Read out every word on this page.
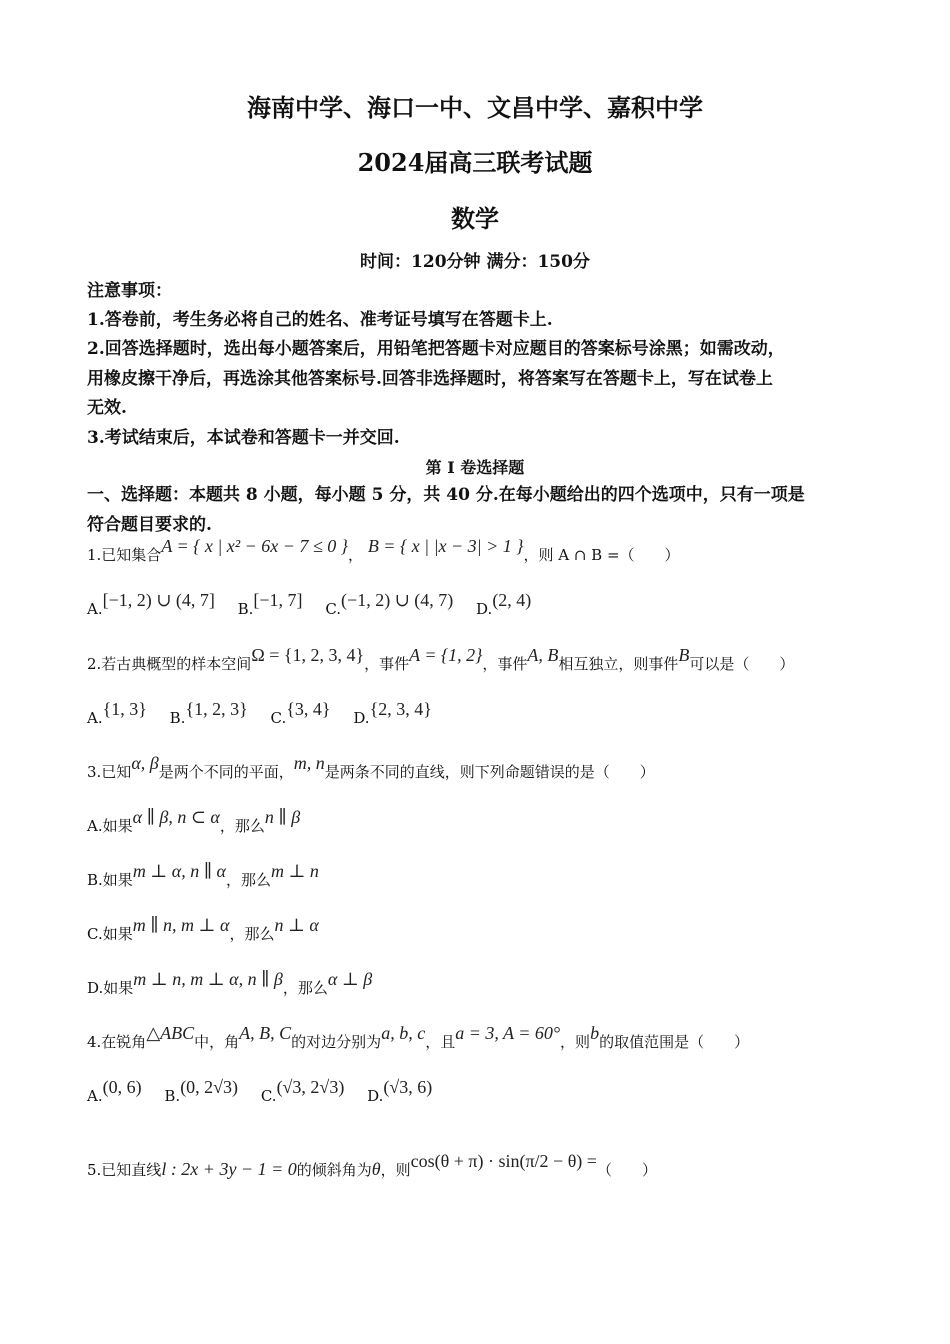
海南中学、海口一中、文昌中学、嘉积中学
2024届高三联考试题
数学
时间：120分钟 满分：150分
注意事项：
1.答卷前，考生务必将自己的姓名、准考证号填写在答题卡上.
2.回答选择题时，选出每小题答案后，用铅笔把答题卡对应题目的答案标号涂黑；如需改动，
用橡皮擦干净后，再选涂其他答案标号.回答非选择题时，将答案写在答题卡上，写在试卷上
无效.
3.考试结束后，本试卷和答题卡一并交回.
第 I 卷选择题
一、选择题：本题共 8 小题，每小题 5 分，共 40 分.在每小题给出的四个选项中，只有一项是
符合题目要求的.
1.已知集合A = { x | x² − 6x − 7 ≤ 0 }， B = { x | |x − 3| > 1 }，则 A ∩ B =（　　）
A.[−1, 2) ∪ (4, 7] B.[−1, 7] C.(−1, 2) ∪ (4, 7) D.(2, 4)
2.若古典概型的样本空间Ω = {1, 2, 3, 4}，事件A = {1, 2}，事件A, B相互独立，则事件B可以是（　　）
A.{1, 3} B.{1, 2, 3} C.{3, 4} D.{2, 3, 4}
3.已知α, β是两个不同的平面，m, n是两条不同的直线，则下列命题错误的是（　　）
A.如果α ∥ β, n ⊂ α，那么n ∥ β
B.如果m ⊥ α, n ∥ α，那么m ⊥ n
C.如果m ∥ n, m ⊥ α，那么n ⊥ α
D.如果m ⊥ n, m ⊥ α, n ∥ β，那么α ⊥ β
4.在锐角△ABC中，角A, B, C的对边分别为a, b, c，且a = 3, A = 60°，则b的取值范围是（　　）
A.(0, 6) B.(0, 2√3) C.(√3, 2√3) D.(√3, 6)
5.已知直线l : 2x + 3y − 1 = 0的倾斜角为θ，则cos(θ + π) · sin(π/2 − θ) =（　　）
